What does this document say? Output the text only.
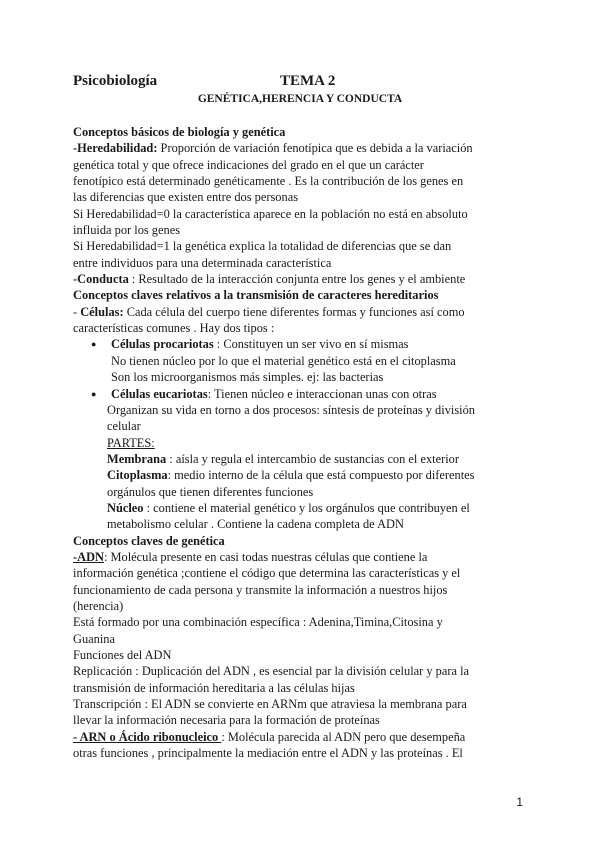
Psicobiología	TEMA 2
GENÉTICA,HERENCIA Y CONDUCTA
Conceptos básicos de biología y genética
-Heredabilidad: Proporción de variación fenotípica que es debida a la variación
genética total y que ofrece indicaciones del grado en el que un carácter
fenotípico está determinado genéticamente . Es la contribución de los genes en
las diferencias que existen entre dos personas
Si Heredabilidad=0 la característica aparece en la población no está en absoluto
influida por los genes
Si Heredabilidad=1 la genética explica la totalidad de diferencias que se dan
entre individuos para una determinada característica
-Conducta : Resultado de la interacción conjunta entre los genes y el ambiente
Conceptos claves relativos a la transmisión de caracteres hereditarios
- Células: Cada célula del cuerpo tiene diferentes formas y funciones así como
características comunes . Hay dos tipos :
● Células procariotas : Constituyen un ser vivo en sí mismas
No tienen núcleo por lo que el material genético está en el citoplasma
Son los microorganismos más simples. ej: las bacterias
● Células eucariotas: Tienen núcleo e interaccionan unas con otras
Organizan su vida en torno a dos procesos: síntesis de proteínas y división
celular
PARTES:
Membrana : aísla y regula el intercambio de sustancias con el exterior
Citoplasma: medio interno de la célula que está compuesto por diferentes
orgánulos que tienen diferentes funciones
Núcleo : contiene el material genético y los orgánulos que contribuyen el
metabolismo celular . Contiene la cadena completa de ADN
Conceptos claves de genética
-ADN: Molécula presente en casi todas nuestras células que contiene la
información genética ;contiene el código que determina las características y el
funcionamiento de cada persona y transmite la información a nuestros hijos
(herencia)
Está formado por una combinación específica : Adenina,Timina,Citosina y
Guanina
Funciones del ADN
Replicación : Duplicación del ADN , es esencial par la división celular y para la
transmisión de información hereditaria a las células hijas
Transcripción : El ADN se convierte en ARNm que atraviesa la membrana para
llevar la información necesaria para la formación de proteínas
- ARN o Ácido ribonucleico : Molécula parecida al ADN pero que desempeña
otras funciones , principalmente la mediación entre el ADN y las proteínas . El
1
